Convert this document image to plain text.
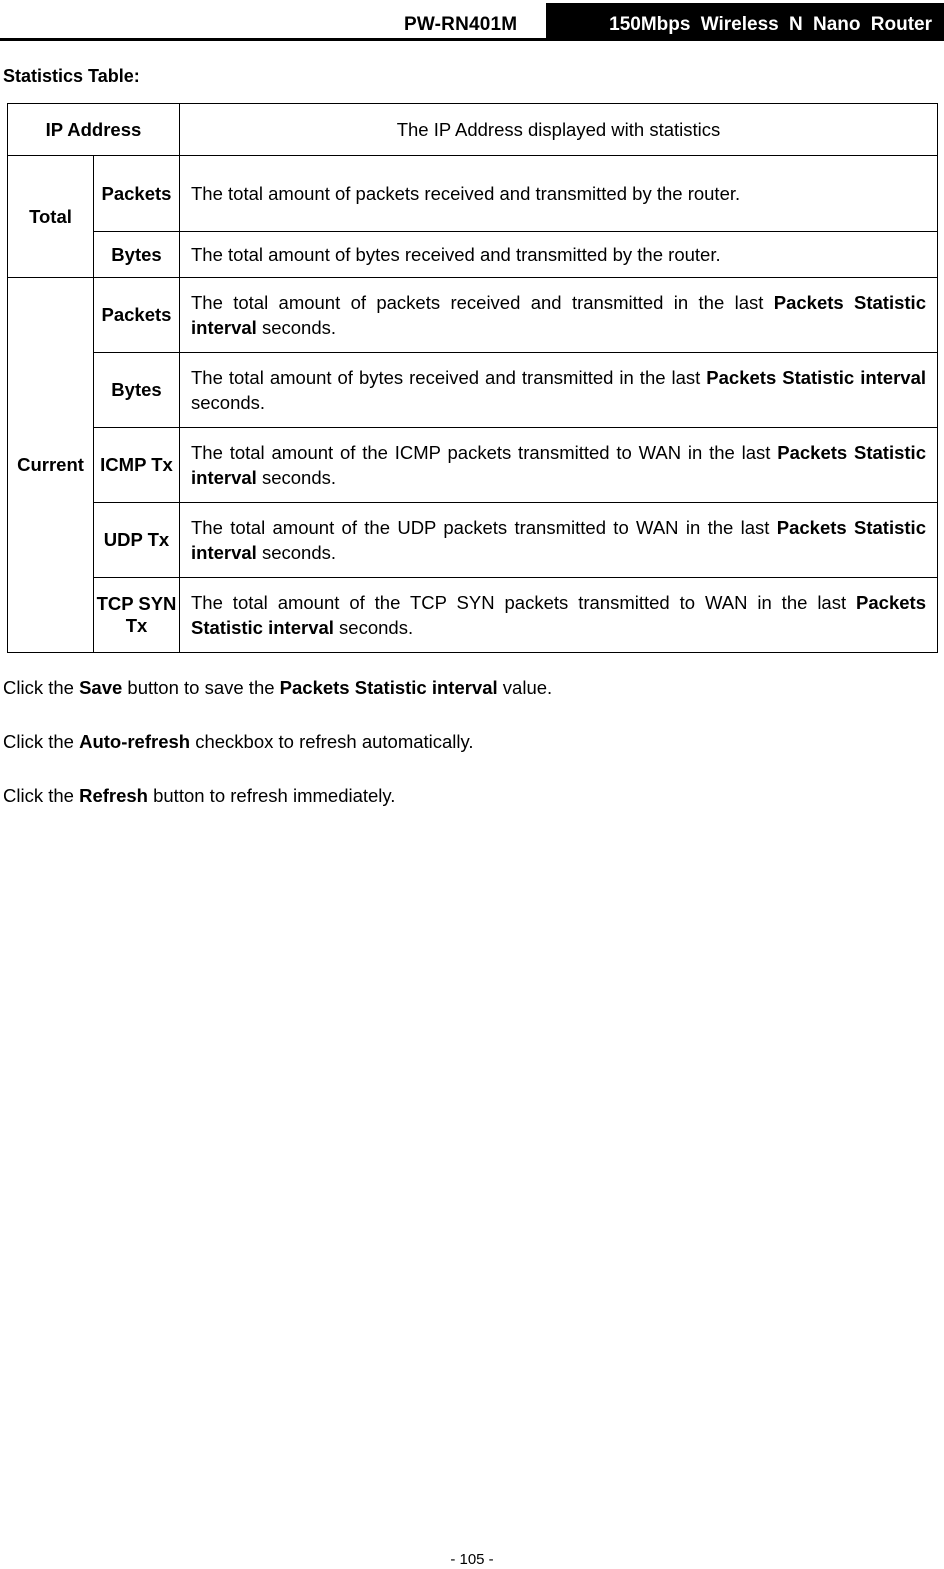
PW-RN401M	150Mbps Wireless N Nano Router
Statistics Table:
IP Address		The IP Address displayed with statistics
Total	Packets	The total amount of packets received and transmitted by the router.
	Bytes	The total amount of bytes received and transmitted by the router.
Current	Packets	The total amount of packets received and transmitted in the last Packets Statistic interval seconds.
	Bytes	The total amount of bytes received and transmitted in the last Packets Statistic interval seconds.
	ICMP Tx	The total amount of the ICMP packets transmitted to WAN in the last Packets Statistic interval seconds.
	UDP Tx	The total amount of the UDP packets transmitted to WAN in the last Packets Statistic interval seconds.
	TCP SYN Tx	The total amount of the TCP SYN packets transmitted to WAN in the last Packets Statistic interval seconds.
Click the Save button to save the Packets Statistic interval value.
Click the Auto-refresh checkbox to refresh automatically.
Click the Refresh button to refresh immediately.
- 105 -
